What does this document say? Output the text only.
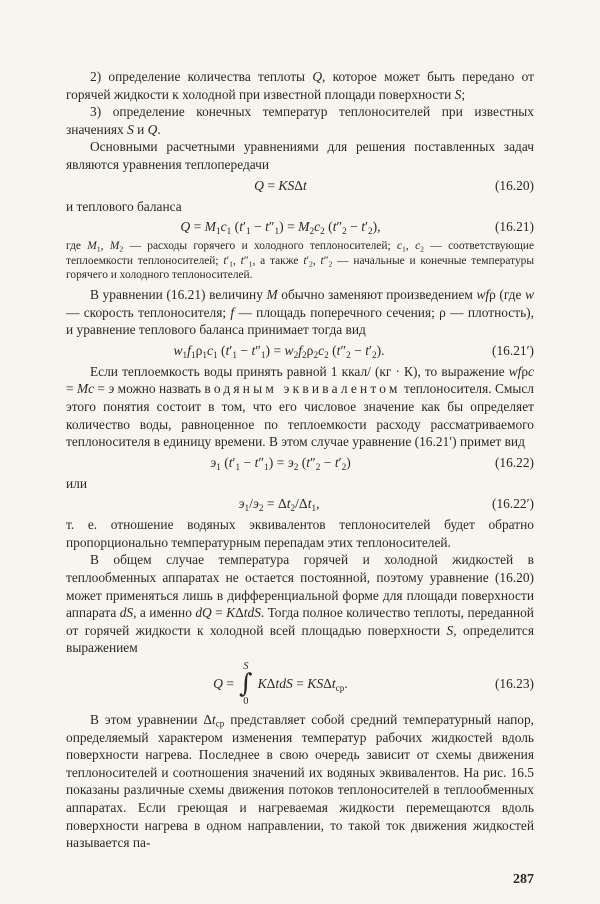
2) определение количества теплоты Q, которое может быть передано от горячей жидкости к холодной при известной площади поверхности S;

3) определение конечных температур теплоносителей при известных значениях S и Q.

Основными расчетными уравнениями для решения поставленных задач являются уравнения теплопередачи

Q = KSΔt	(16.20)

и теплового баланса

$Q = M_1c_1$ $(t'_1 - t''_1) = M_2c_2$ $(t''_2 - t'_2)$,	(16.21)

где $M_1$, $M_2$ — расходы горячего и холодного теплоносителей; $c_1$, $c_2$ — соответствующие теплоемкости теплоносителей; $t'_1$, $t''_1$, а также $t'_2$, $t''_2$ — начальные и конечные температуры горячего и холодного теплоносителей.

В уравнении (16.21) величину M обычно заменяют произведением wfρ (где w — скорость теплоносителя; f — площадь поперечного сечения; ρ — плотность), и уравнение теплового баланса принимает тогда вид

$w_1f_1\rho_1c_1$ $(t'_1 - t''_1) = w_2f_2\rho_2c_2$ $(t''_2 - t'_2)$.	(16.21′)

Если теплоемкость воды принять равной 1 ккал/ (кг · К), то выражение wfρc = Mc = э можно назвать водяным эквивалентом теплоносителя. Смысл этого понятия состоит в том, что его числовое значение как бы определяет количество воды, равноценное по теплоемкости расходу рассматриваемого теплоносителя в единицу времени. В этом случае уравнение (16.21′) примет вид

$э_1$ $(t'_1 - t''_1) = э_2$ $(t''_2 - t'_2)$	(16.22)

или

$э_1/э_2 = \Delta t_2/\Delta t_1$,	(16.22′)

т. е. отношение водяных эквивалентов теплоносителей будет обратно пропорционально температурным перепадам этих теплоносителей.

В общем случае температура горячей и холодной жидкостей в теплообменных аппаратах не остается постоянной, поэтому уравнение (16.20) может применяться лишь в дифференциальной форме для площади поверхности аппарата dS, а именно dQ = KΔtdS. Тогда полное количество теплоты, переданной от горячей жидкости к холодной всей площадью поверхности S, определится выражением

Q =
S
∫
0
KΔtdS = KSΔt$_{ср}$.	(16.23)

В этом уравнении $\Delta t_{ср}$ представляет собой средний температурный напор, определяемый характером изменения температур рабочих жидкостей вдоль поверхности нагрева. Последнее в свою очередь зависит от схемы движения теплоносителей и соотношения значений их водяных эквивалентов. На рис. 16.5 показаны различные схемы движения потоков теплоносителей в теплообменных аппаратах. Если греющая и нагреваемая жидкости перемещаются вдоль поверхности нагрева в одном направлении, то такой ток движения жидкостей называется па-

287
